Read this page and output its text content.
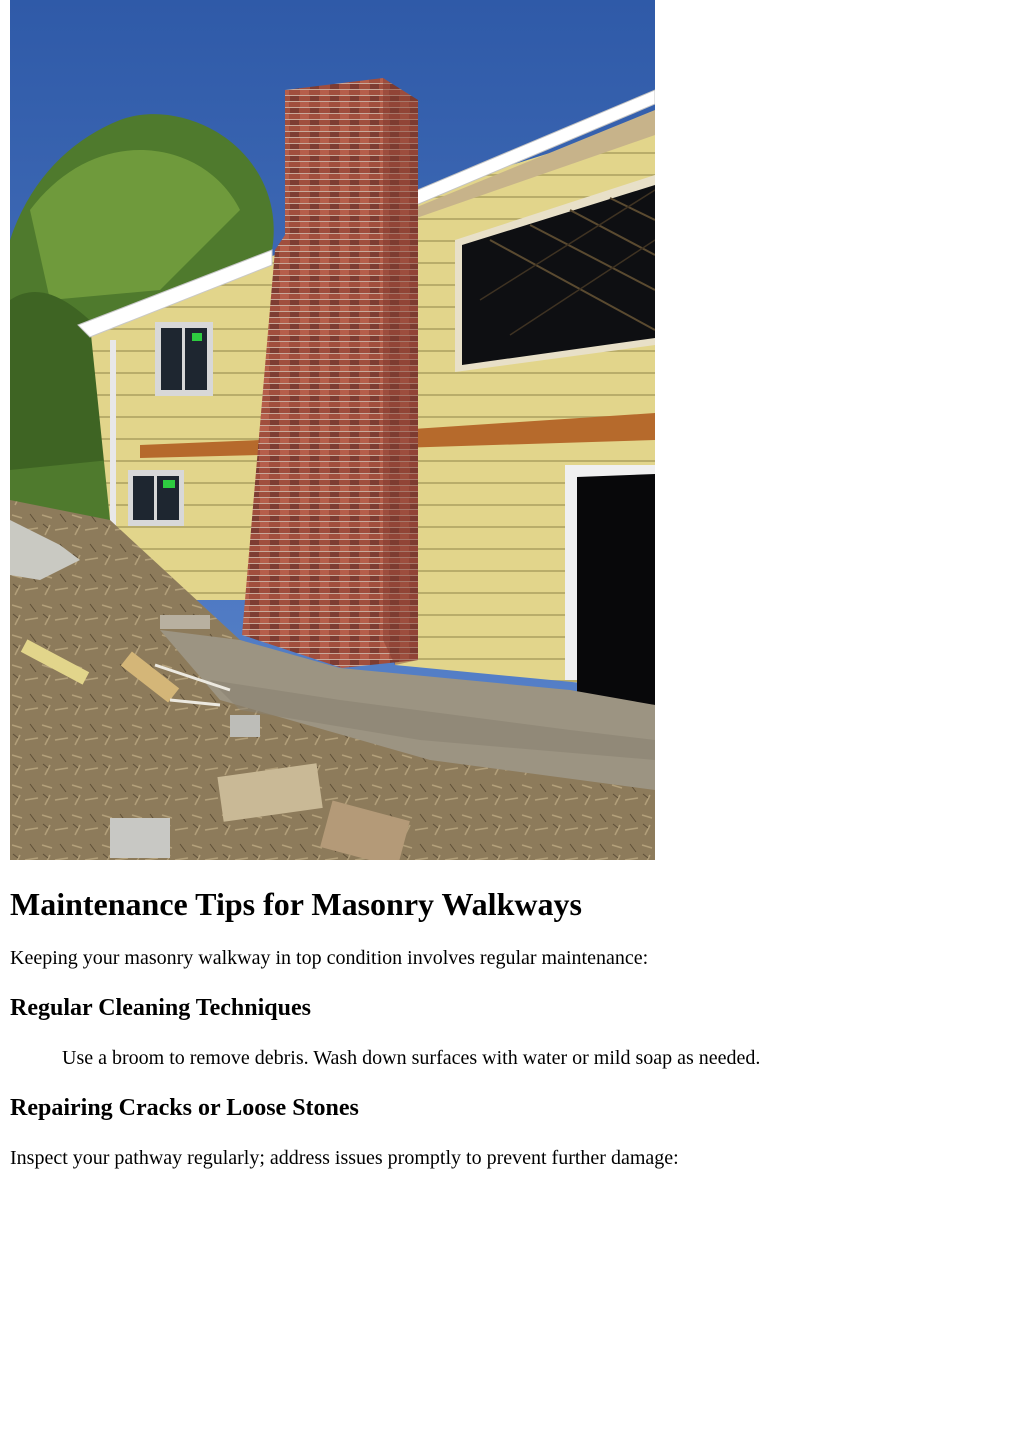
Maintenance Tips for Masonry Walkways

Keeping your masonry walkway in top condition involves regular maintenance:

Regular Cleaning Techniques

Use a broom to remove debris. Wash down surfaces with water or mild soap as needed.

Repairing Cracks or Loose Stones

Inspect your pathway regularly; address issues promptly to prevent further damage:
